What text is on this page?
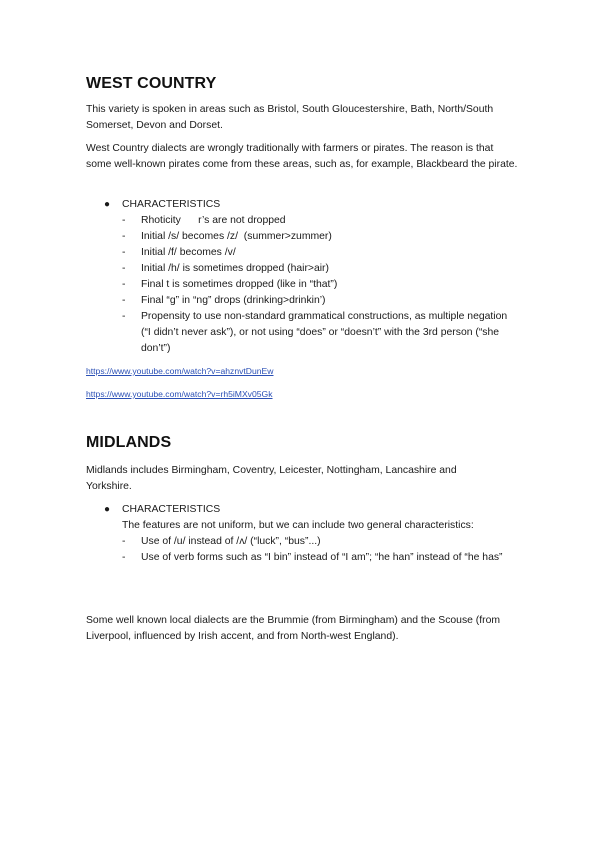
WEST COUNTRY

This variety is spoken in areas such as Bristol, South Gloucestershire, Bath, North/South Somerset, Devon and Dorset.

West Country dialects are wrongly traditionally with farmers or pirates. The reason is that some well-known pirates come from these areas, such as, for example, Blackbeard the pirate.

● CHARACTERISTICS
- Rhoticity      r’s are not dropped
- Initial /s/ becomes /z/  (summer>zummer)
- Initial /f/ becomes /v/
- Initial /h/ is sometimes dropped (hair>air)
- Final t is sometimes dropped (like in “that”)
- Final “g” in “ng” drops (drinking>drinkin’)
- Propensity to use non-standard grammatical constructions, as multiple negation (“I didn’t never ask”), or not using “does” or “doesn’t” with the 3rd person (“she don’t”)
https://www.youtube.com/watch?v=ahznvtDunEw
https://www.youtube.com/watch?v=rh5iMXv05Gk
MIDLANDS

Midlands includes Birmingham, Coventry, Leicester, Nottingham, Lancashire and Yorkshire.

● CHARACTERISTICS
The features are not uniform, but we can include two general characteristics:
- Use of /u/ instead of /ʌ/ (“luck”, “bus”...)
- Use of verb forms such as “I bin” instead of “I am”; “he han” instead of “he has”

Some well known local dialects are the Brummie (from Birmingham) and the Scouse (from Liverpool, influenced by Irish accent, and from North-west England).
